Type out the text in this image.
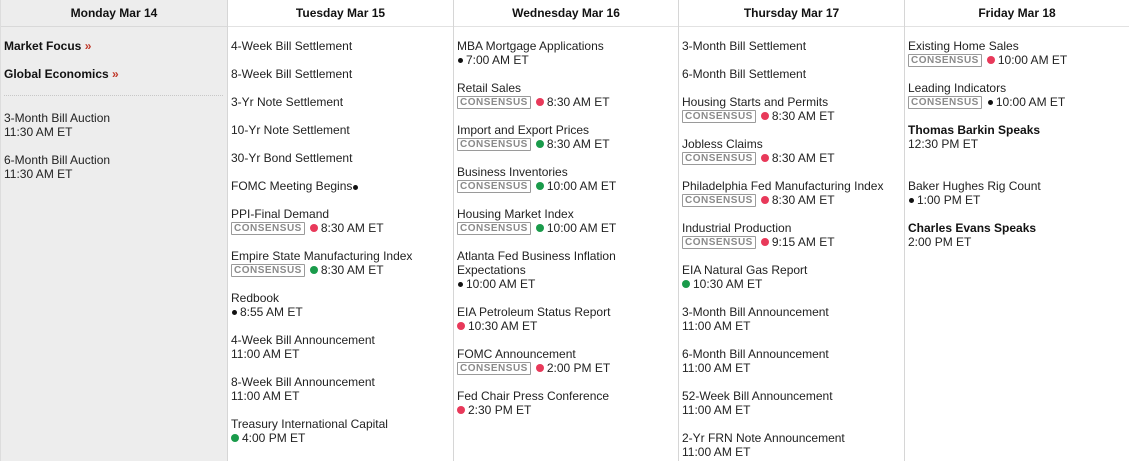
Monday Mar 14
Market Focus »
Global Economics »
3-Month Bill Auction
11:30 AM ET
6-Month Bill Auction
11:30 AM ET
Tuesday Mar 15
4-Week Bill Settlement
8-Week Bill Settlement
3-Yr Note Settlement
10-Yr Note Settlement
30-Yr Bond Settlement
FOMC Meeting Begins
PPI-Final Demand
CONSENSUS 8:30 AM ET
Empire State Manufacturing Index
CONSENSUS 8:30 AM ET
Redbook
8:55 AM ET
4-Week Bill Announcement
11:00 AM ET
8-Week Bill Announcement
11:00 AM ET
Treasury International Capital
4:00 PM ET
Wednesday Mar 16
MBA Mortgage Applications
7:00 AM ET
Retail Sales
CONSENSUS 8:30 AM ET
Import and Export Prices
CONSENSUS 8:30 AM ET
Business Inventories
CONSENSUS 10:00 AM ET
Housing Market Index
CONSENSUS 10:00 AM ET
Atlanta Fed Business Inflation Expectations
10:00 AM ET
EIA Petroleum Status Report
10:30 AM ET
FOMC Announcement
CONSENSUS 2:00 PM ET
Fed Chair Press Conference
2:30 PM ET
Thursday Mar 17
3-Month Bill Settlement
6-Month Bill Settlement
Housing Starts and Permits
CONSENSUS 8:30 AM ET
Jobless Claims
CONSENSUS 8:30 AM ET
Philadelphia Fed Manufacturing Index
CONSENSUS 8:30 AM ET
Industrial Production
CONSENSUS 9:15 AM ET
EIA Natural Gas Report
10:30 AM ET
3-Month Bill Announcement
11:00 AM ET
6-Month Bill Announcement
11:00 AM ET
52-Week Bill Announcement
11:00 AM ET
2-Yr FRN Note Announcement
11:00 AM ET
Friday Mar 18
Existing Home Sales
CONSENSUS 10:00 AM ET
Leading Indicators
CONSENSUS 10:00 AM ET
Thomas Barkin Speaks
12:30 PM ET
Baker Hughes Rig Count
1:00 PM ET
Charles Evans Speaks
2:00 PM ET
